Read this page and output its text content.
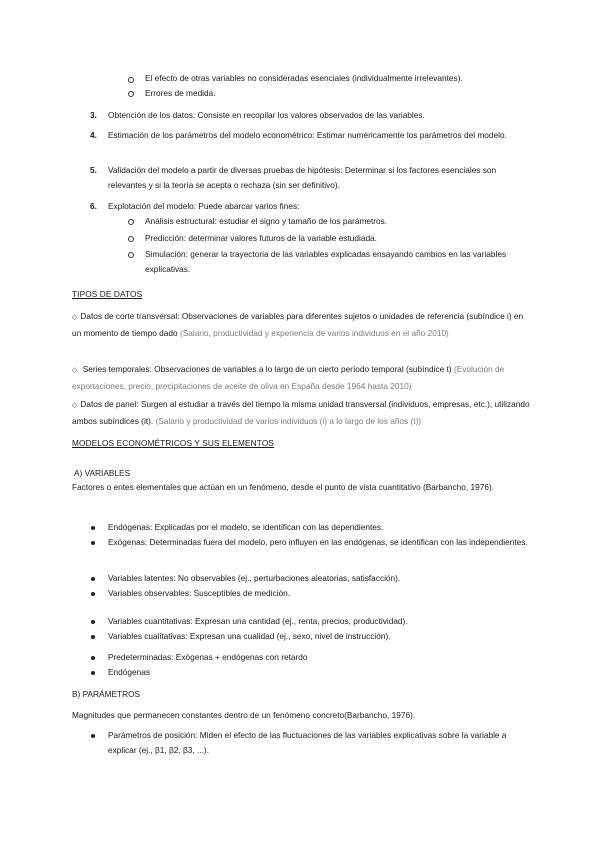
El efecto de otras variables no consideradas esenciales (individualmente irrelevantes).
Errores de medida.
3. Obtención de los datos: Consiste en recopilar los valores observados de las variables.
4. Estimación de los parámetros del modelo econométrico: Estimar numéricamente los parámetros del modelo.
5. Validación del modelo a partir de diversas pruebas de hipótesis: Determinar si los factores esenciales son relevantes y si la teoría se acepta o rechaza (sin ser definitivo).
6. Explotación del modelo: Puede abarcar varios fines:
Análisis estructural: estudiar el signo y tamaño de los parámetros.
Predicción: determinar valores futuros de la variable estudiada.
Simulación: generar la trayectoria de las variables explicadas ensayando cambios en las variables explicativas.
TIPOS DE DATOS
◇ Datos de corte transversal: Observaciones de variables para diferentes sujetos o unidades de referencia (subíndice i) en un momento de tiempo dado (Salario, productividad y experiencia de varios individuos en el año 2010)
◇ Series temporales: Observaciones de variables a lo largo de un cierto período temporal (subíndice t) (Evolución de exportaciones, precio, precipitaciones de aceite de oliva en España desde 1964 hasta 2010)
◇ Datos de panel: Surgen al estudiar a través del tiempo la misma unidad transversal (individuos, empresas, etc.), utilizando ambos subíndices (it). (Salario y productividad de varios individuos (i) a lo largo de los años (t))
MODELOS ECONOMÉTRICOS Y SUS ELEMENTOS
A) VARIABLES
Factores o entes elementales que actúan en un fenómeno, desde el punto de vista cuantitativo (Barbancho, 1976).
Endógenas: Explicadas por el modelo, se identifican con las dependientes.
Exógenas: Determinadas fuera del modelo, pero influyen en las endógenas, se identifican con las independientes.
Variables latentes: No observables (ej., perturbaciones aleatorias, satisfacción).
Variables observables: Susceptibles de medición.
Variables cuantitativas: Expresan una cantidad (ej., renta, precios, productividad).
Variables cualitativas: Expresan una cualidad (ej., sexo, nivel de instrucción).
Predeterminadas: Exógenas + endógenas con retardo
Endógenas
B) PARÁMETROS
Magnitudes que permanecen constantes dentro de un fenómeno concreto(Barbancho, 1976).
Parámetros de posición: Miden el efecto de las fluctuaciones de las variables explicativas sobre la variable a explicar (ej., β1, β2, β3, ...).
